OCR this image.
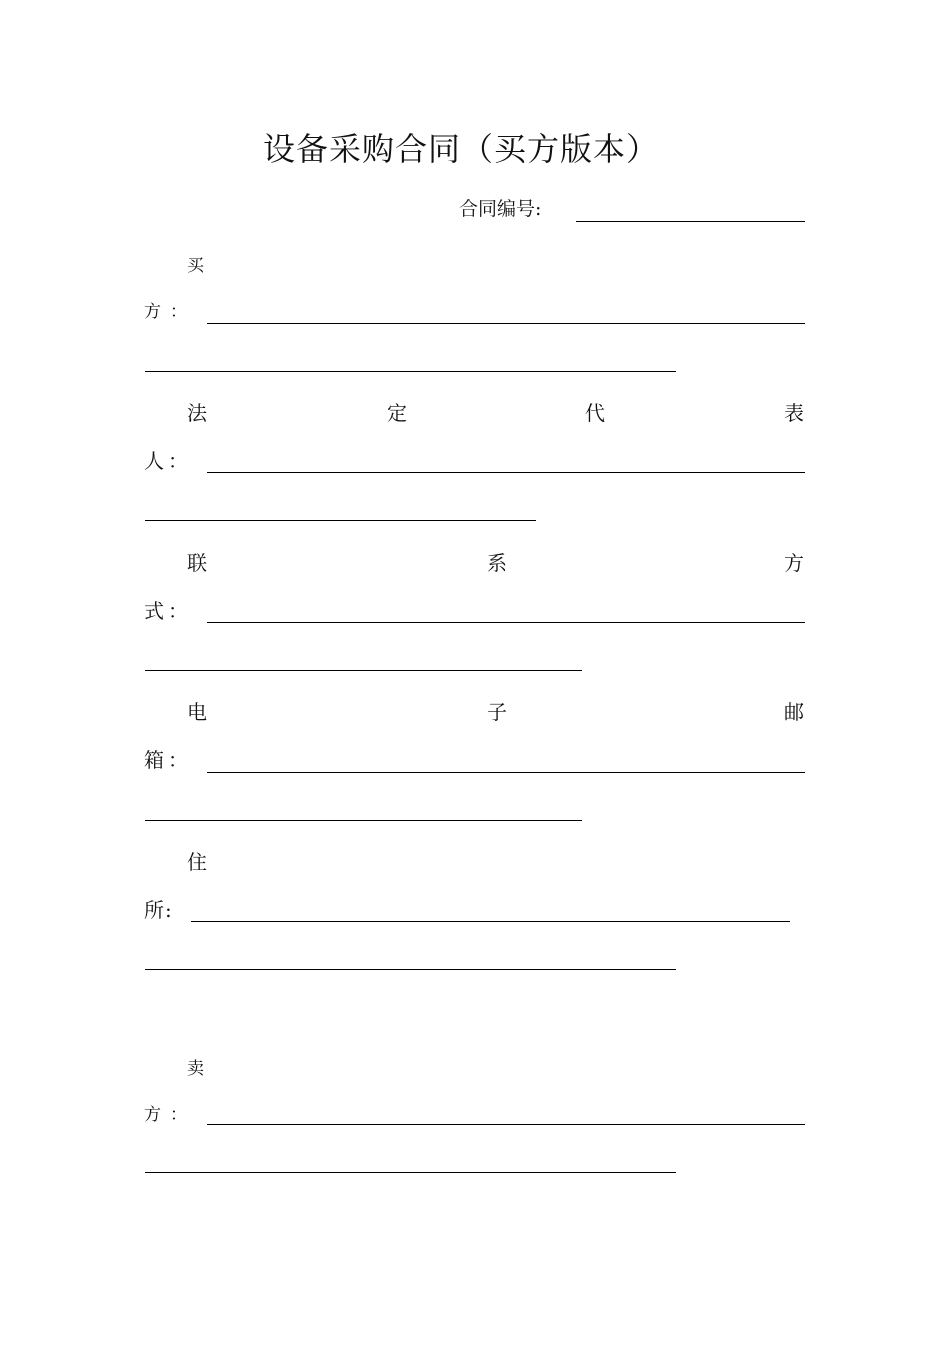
设备采购合同（买方版本）
合同编号:
买
方 ：
法	定	代	表
人 ：
联	系	方
式 ：
电	子	邮
箱 ：
住
所 :
卖
方 ：
